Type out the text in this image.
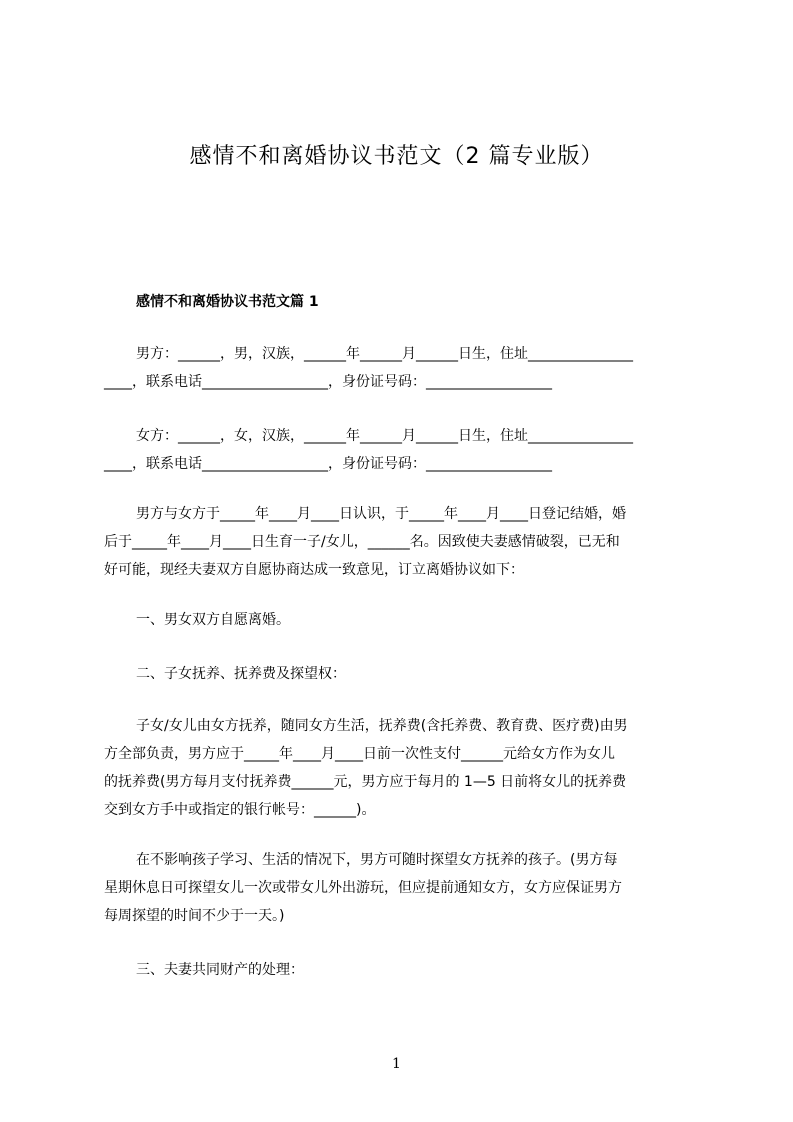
感情不和离婚协议书范文（2 篇专业版）
感情不和离婚协议书范文篇 1
男方：______，男，汉族，______年______月______日生，住址_______________
____，联系电话__________________，身份证号码：__________________
女方：______，女，汉族，______年______月______日生，住址_______________
____，联系电话__________________，身份证号码：__________________
男方与女方于_____年____月____日认识，于_____年____月____日登记结婚，婚
后于_____年____月____日生育一子/女儿，______名。因致使夫妻感情破裂，已无和
好可能，现经夫妻双方自愿协商达成一致意见，订立离婚协议如下：
一、男女双方自愿离婚。
二、子女抚养、抚养费及探望权：
子女/女儿由女方抚养，随同女方生活，抚养费(含托养费、教育费、医疗费)由男
方全部负责，男方应于_____年____月____日前一次性支付______元给女方作为女儿
的抚养费(男方每月支付抚养费______元，男方应于每月的 1—5 日前将女儿的抚养费
交到女方手中或指定的银行帐号：______)。
在不影响孩子学习、生活的情况下，男方可随时探望女方抚养的孩子。(男方每
星期休息日可探望女儿一次或带女儿外出游玩，但应提前通知女方，女方应保证男方
每周探望的时间不少于一天。)
三、夫妻共同财产的处理：
1
